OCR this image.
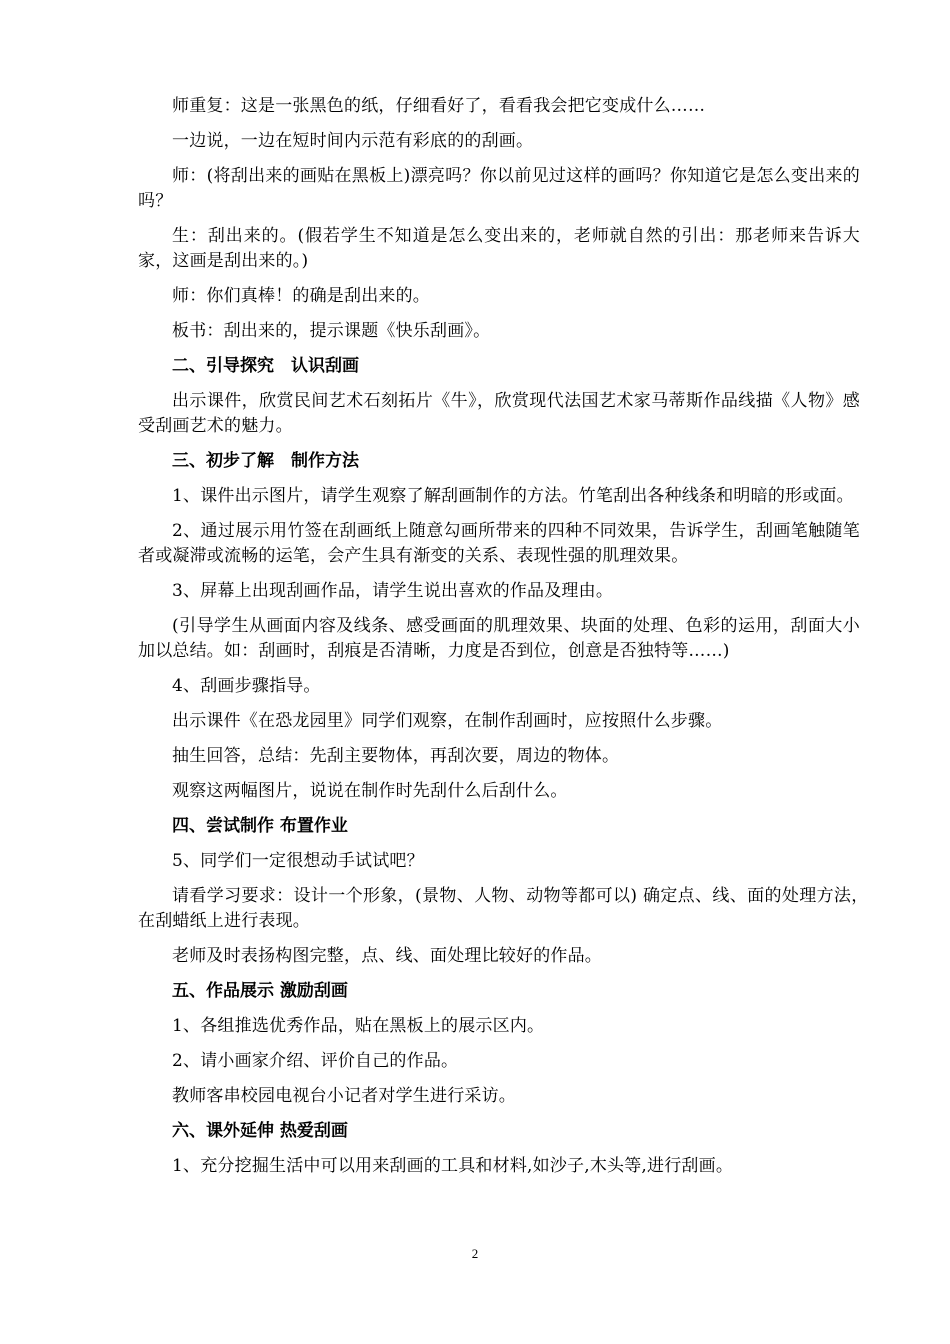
师重复：这是一张黑色的纸，仔细看好了，看看我会把它变成什么……

一边说，一边在短时间内示范有彩底的的刮画。

师：(将刮出来的画贴在黑板上)漂亮吗？你以前见过这样的画吗？你知道它是怎么变出来的吗？

生：刮出来的。(假若学生不知道是怎么变出来的，老师就自然的引出：那老师来告诉大家，这画是刮出来的。)

师：你们真棒！的确是刮出来的。

板书：刮出来的，提示课题《快乐刮画》。

二、引导探究　认识刮画

出示课件，欣赏民间艺术石刻拓片《牛》，欣赏现代法国艺术家马蒂斯作品线描《人物》感受刮画艺术的魅力。

三、初步了解　制作方法

1、课件出示图片，请学生观察了解刮画制作的方法。竹笔刮出各种线条和明暗的形或面。

2、通过展示用竹签在刮画纸上随意勾画所带来的四种不同效果，告诉学生，刮画笔触随笔者或凝滞或流畅的运笔，会产生具有渐变的关系、表现性强的肌理效果。

3、屏幕上出现刮画作品，请学生说出喜欢的作品及理由。

(引导学生从画面内容及线条、感受画面的肌理效果、块面的处理、色彩的运用，刮面大小加以总结。如：刮画时，刮痕是否清晰，力度是否到位，创意是否独特等……)

4、刮画步骤指导。

出示课件《在恐龙园里》同学们观察，在制作刮画时，应按照什么步骤。

抽生回答，总结：先刮主要物体，再刮次要，周边的物体。

观察这两幅图片，说说在制作时先刮什么后刮什么。

四、尝试制作 布置作业

5、同学们一定很想动手试试吧？

请看学习要求：设计一个形象，(景物、人物、动物等都可以) 确定点、线、面的处理方法，　在刮蜡纸上进行表现。

老师及时表扬构图完整，点、线、面处理比较好的作品。

五、作品展示 激励刮画

1、各组推选优秀作品，贴在黑板上的展示区内。

2、请小画家介绍、评价自己的作品。

教师客串校园电视台小记者对学生进行采访。

六、课外延伸 热爱刮画

1、充分挖掘生活中可以用来刮画的工具和材料,如沙子,木头等,进行刮画。

2
